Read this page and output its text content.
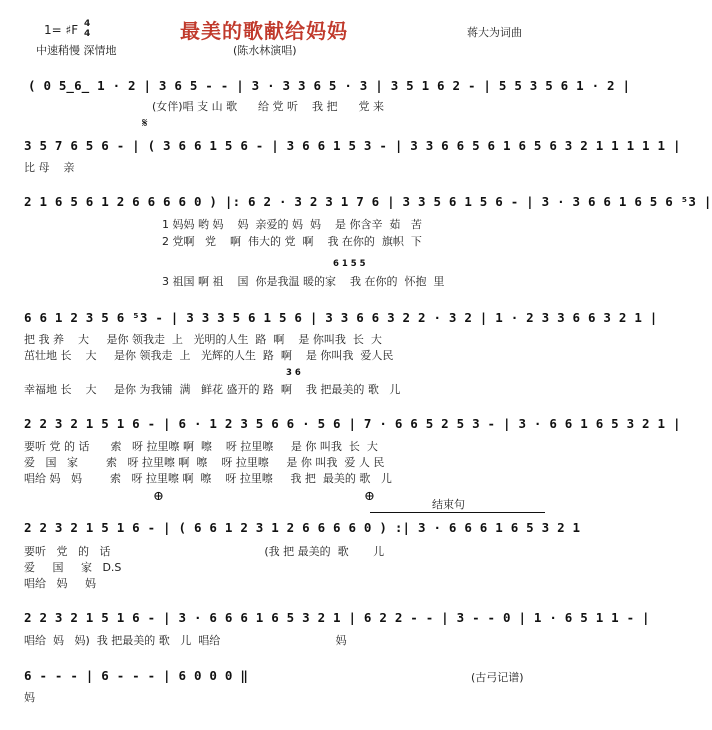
1= ♯F 4
4
中速稍慢 深情地
最美的歌献给妈妈
(陈水林演唱)
蒋大为词曲
( 0 5̲6̲ 1 · 2 | 3 6 5 - - | 3 · 3 3 6 5 · 3 | 3 5 1 6 2 - | 5 5 3 5 6 1 · 2 |
(女伴)唱 支 山 歌      给 党 听    我 把      党 来
𝄋
3 5 7 6 5 6 - | ( 3 6 6 1 5 6 - | 3 6 6 1 5 3 - | 3 3 6 6 5 6 1 6 5 6 3 2 1 1 1 1 1 |
比 母    亲
2 1 6 5 6 1 2 6 6 6 6 0 ) |: 6 2 · 3 2 3 1 7 6 | 3 3 5 6 1 5 6 - | 3 · 3 6 6 1 6 5 6 ⁵3 |
1 妈妈 哟 妈    妈  亲爱的 妈  妈    是 你含辛  茹   苦
2 党啊   党    啊  伟大的 党  啊    我 在你的  旗帜  下
6 1 5 5
3 祖国 啊 祖    国  你是我温 暖的家    我 在你的  怀抱  里
6 6 1 2 3 5 6 ⁵3 - | 3 3 3 5 6 1 5 6 | 3 3 6 6 3 2 2 · 3 2 | 1 · 2 3 3 6 6 3 2 1 |
把 我 养    大     是你 领我走  上   光明的人生  路  啊    是 你叫我  长  大
茁壮地 长    大     是你 领我走  上   光辉的人生  路  啊    是 你叫我  爱人民
3 6
幸福地 长    大     是你 为我铺  满   鲜花 盛开的 路  啊    我 把最美的 歌   儿
2 2 3 2 1 5 1 6 - | 6 · 1 2 3 5 6 6 · 5 6 | 7 · 6 6 5 2 5 3 - | 3 · 6 6 1 6 5 3 2 1 |
要听 党 的 话      索   呀 拉里嚓 啊  嚓    呀 拉里嚓     是 你 叫我  长  大
爱   国   家        索   呀 拉里嚓 啊  嚓    呀 拉里嚓     是 你 叫我  爱 人 民
唱给 妈   妈        索   呀 拉里嚓 啊  嚓    呀 拉里嚓     我 把  最美的 歌   儿
⊕	⊕
结束句
2 2 3 2 1 5 1 6 - | ( 6 6 1 2 3 1 2 6 6 6 6 0 ) :| 3 · 6 6 6 1 6 5 3 2 1
要听   党   的   话                                            (我 把 最美的  歌       儿
爱     国     家   D.S
唱给   妈     妈
2 2 3 2 1 5 1 6 - | 3 · 6 6 6 1 6 5 3 2 1 | 6 2 2 - - | 3 - - 0 | 1 · 6 5 1 1 - |
唱给  妈   妈)  我 把最美的 歌   儿  唱给                                 妈
6 - - - | 6 - - - | 6 0 0 0 ‖
妈
(古弓记谱)
